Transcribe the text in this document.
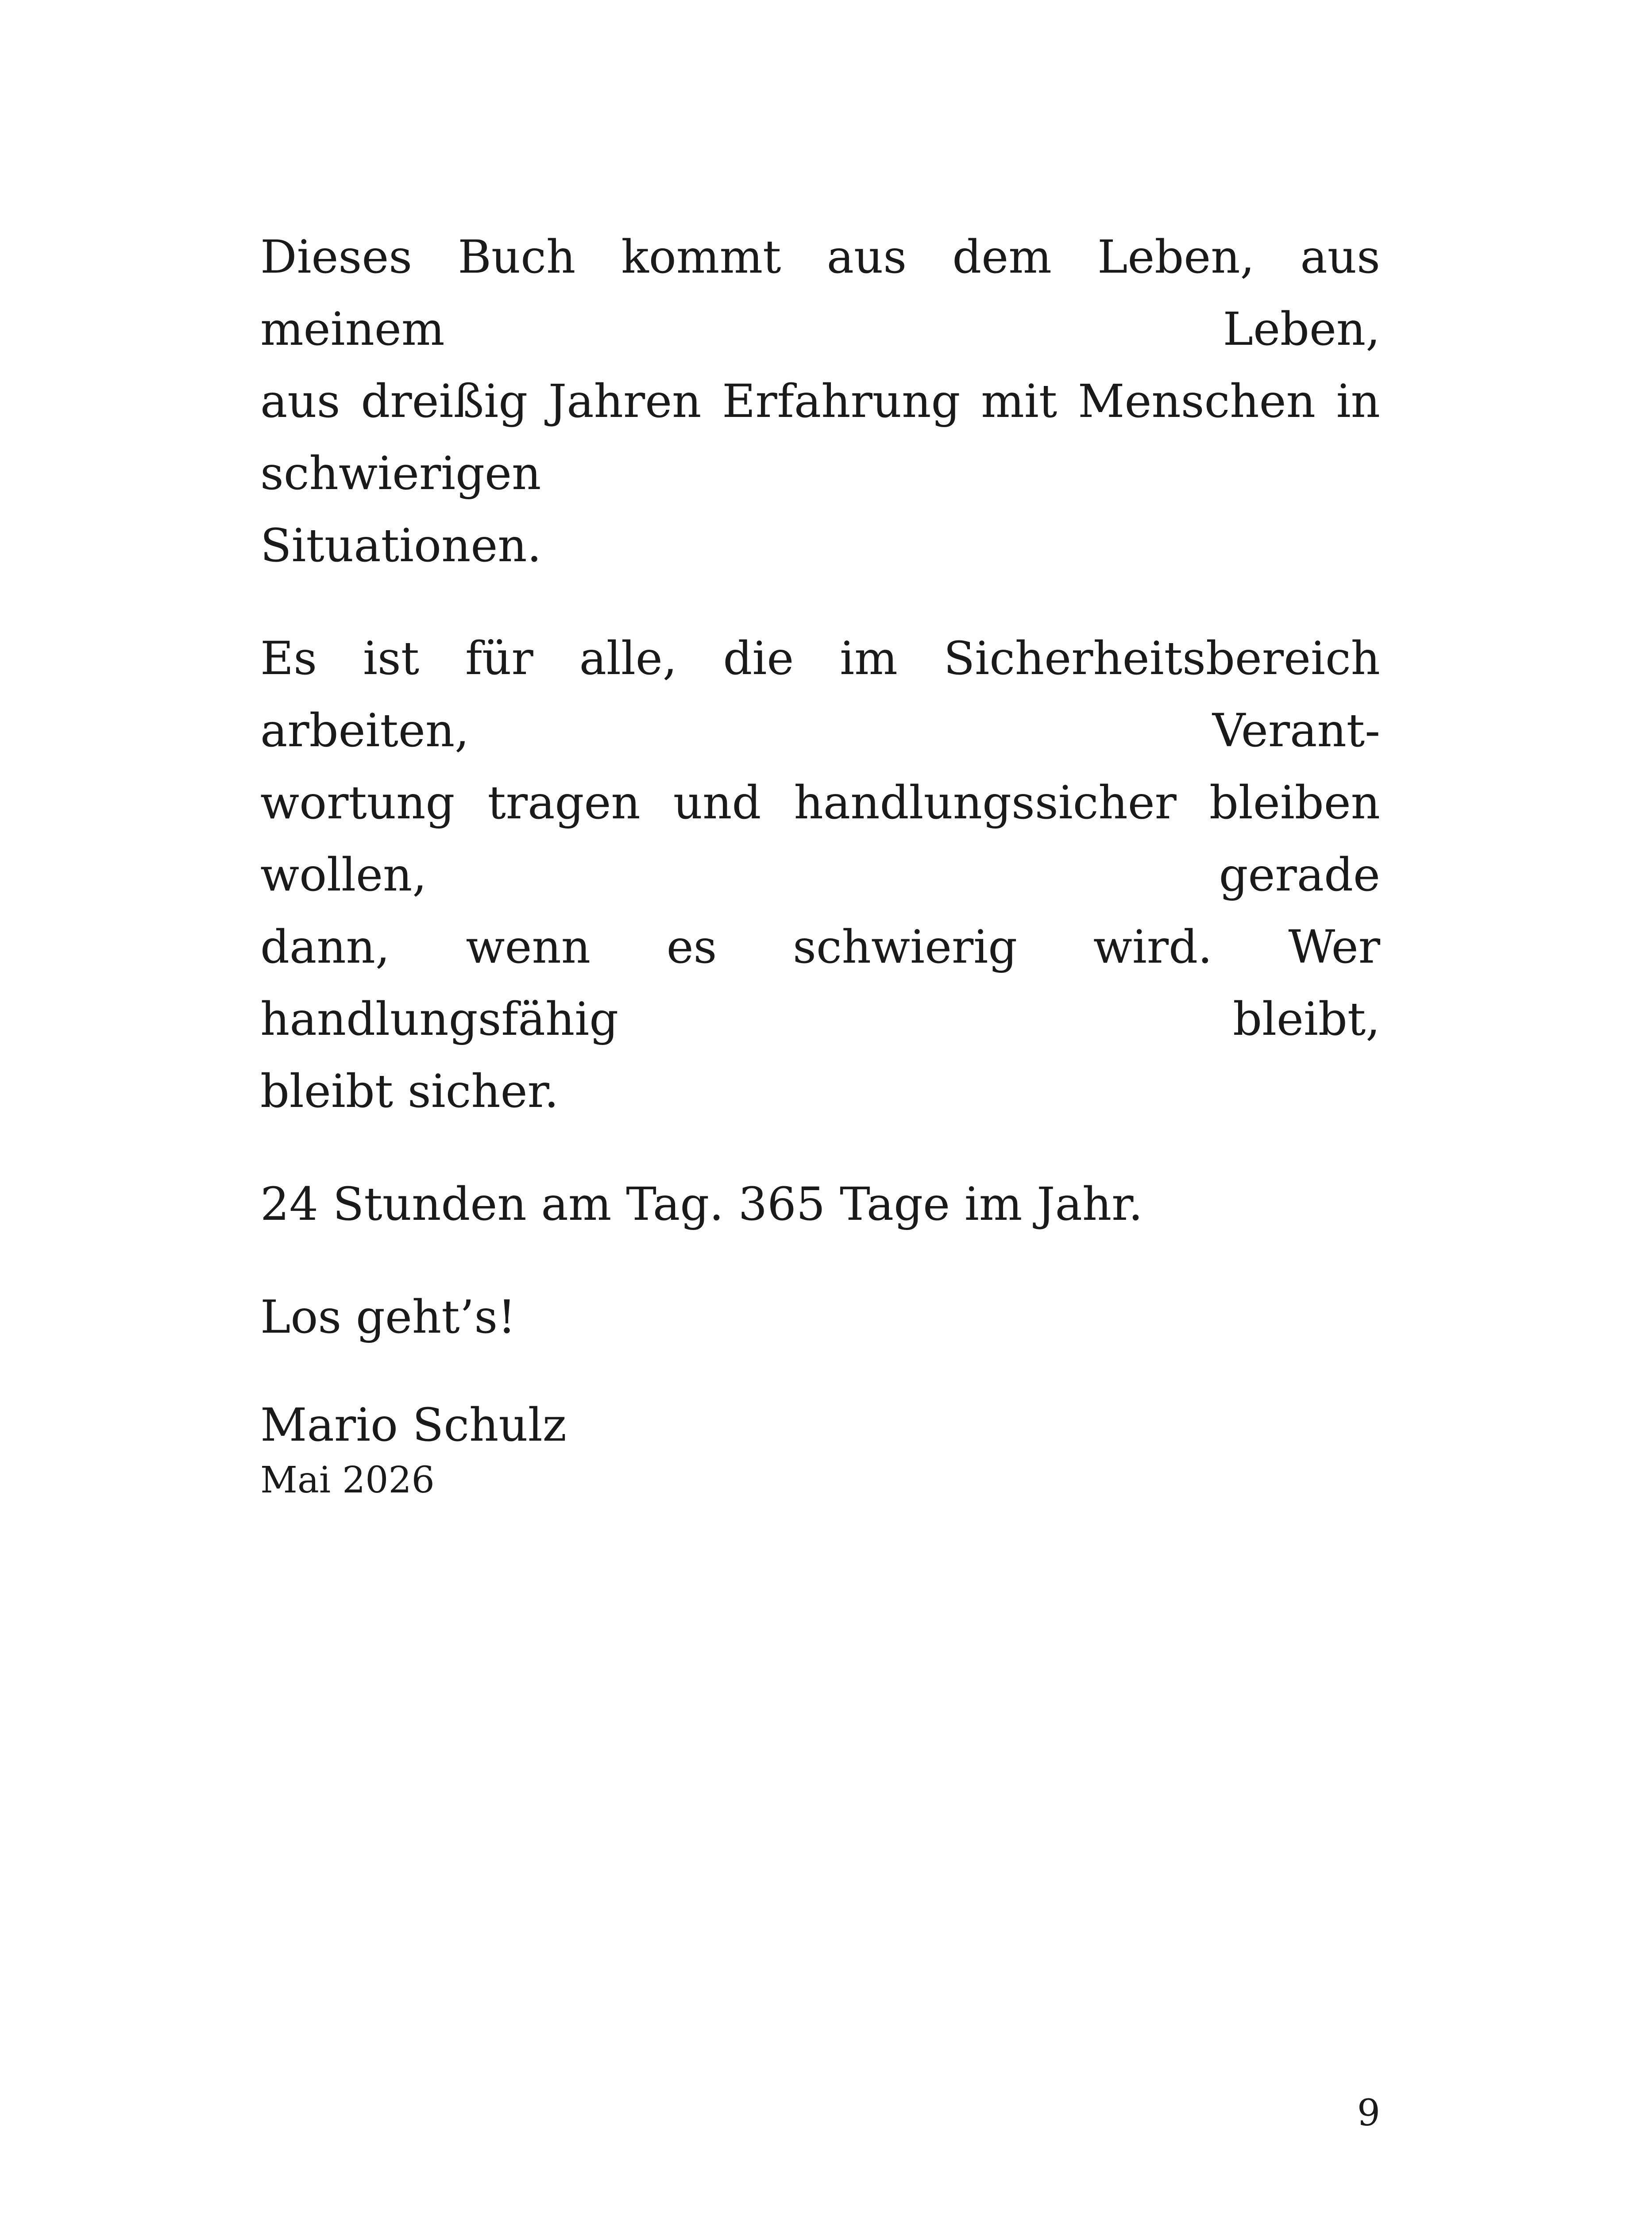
Dieses Buch kommt aus dem Leben, aus meinem Leben,
aus dreißig Jahren Erfahrung mit Menschen in schwierigen
Situationen.

Es ist für alle, die im Sicherheitsbereich arbeiten, Verant-
wortung tragen und handlungssicher bleiben wollen, gerade
dann, wenn es schwierig wird. Wer handlungsfähig bleibt,
bleibt sicher.

24 Stunden am Tag. 365 Tage im Jahr.

Los geht’s!

Mario Schulz

Mai 2026

9
